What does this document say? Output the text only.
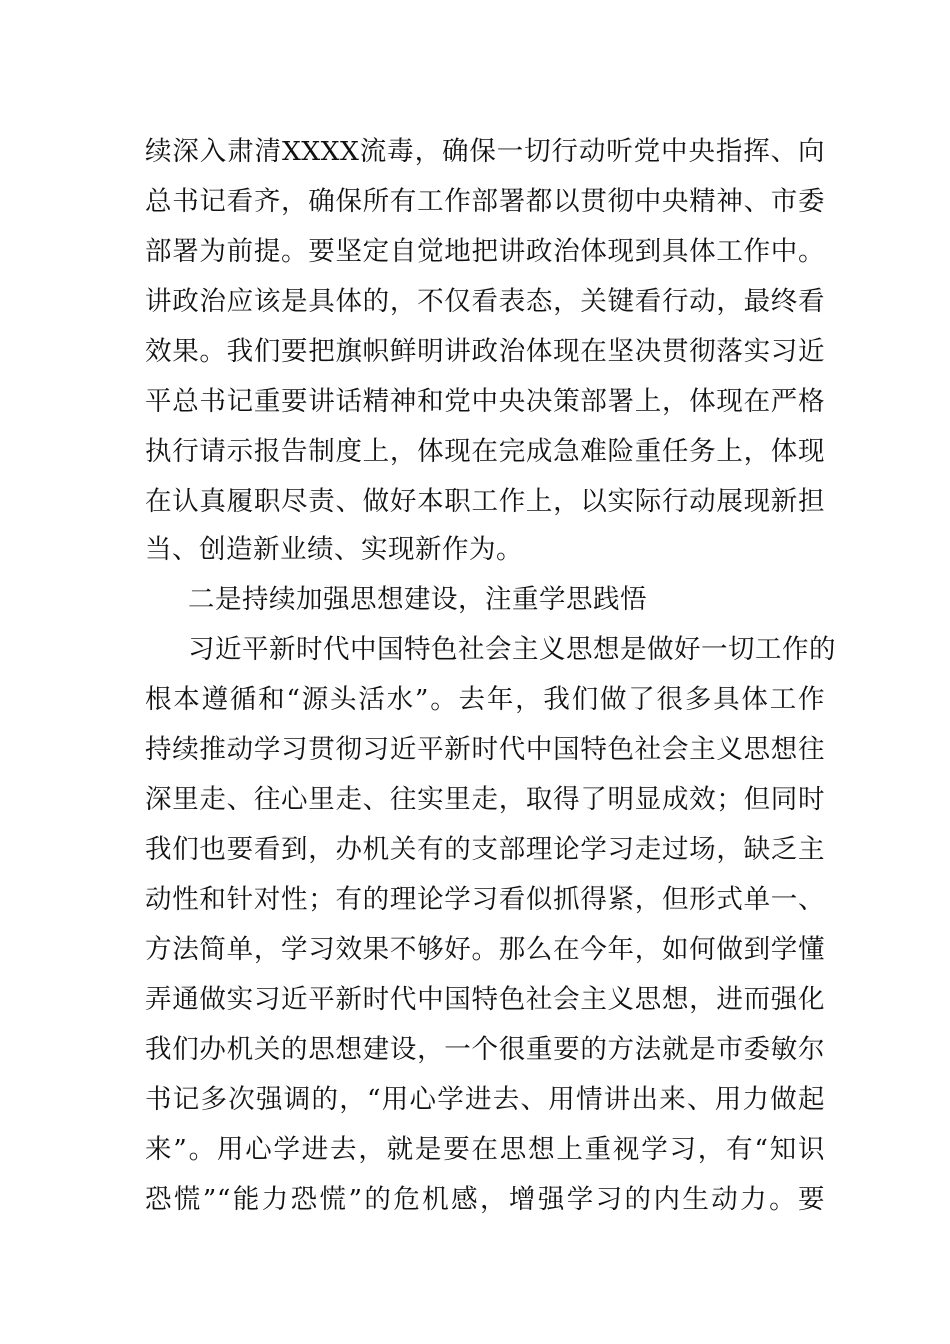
续深入肃清XXXX流毒，确保一切行动听党中央指挥、向
总书记看齐，确保所有工作部署都以贯彻中央精神、市委
部署为前提。要坚定自觉地把讲政治体现到具体工作中。
讲政治应该是具体的，不仅看表态，关键看行动，最终看
效果。我们要把旗帜鲜明讲政治体现在坚决贯彻落实习近
平总书记重要讲话精神和党中央决策部署上，体现在严格
执行请示报告制度上，体现在完成急难险重任务上，体现
在认真履职尽责、做好本职工作上，以实际行动展现新担
当、创造新业绩、实现新作为。
二是持续加强思想建设，注重学思践悟
习近平新时代中国特色社会主义思想是做好一切工作的
根本遵循和“源头活水”。去年，我们做了很多具体工作
持续推动学习贯彻习近平新时代中国特色社会主义思想往
深里走、往心里走、往实里走，取得了明显成效；但同时
我们也要看到，办机关有的支部理论学习走过场，缺乏主
动性和针对性；有的理论学习看似抓得紧，但形式单一、
方法简单，学习效果不够好。那么在今年，如何做到学懂
弄通做实习近平新时代中国特色社会主义思想，进而强化
我们办机关的思想建设，一个很重要的方法就是市委敏尔
书记多次强调的，“用心学进去、用情讲出来、用力做起
来”。用心学进去，就是要在思想上重视学习，有“知识
恐慌”“能力恐慌”的危机感，增强学习的内生动力。要
